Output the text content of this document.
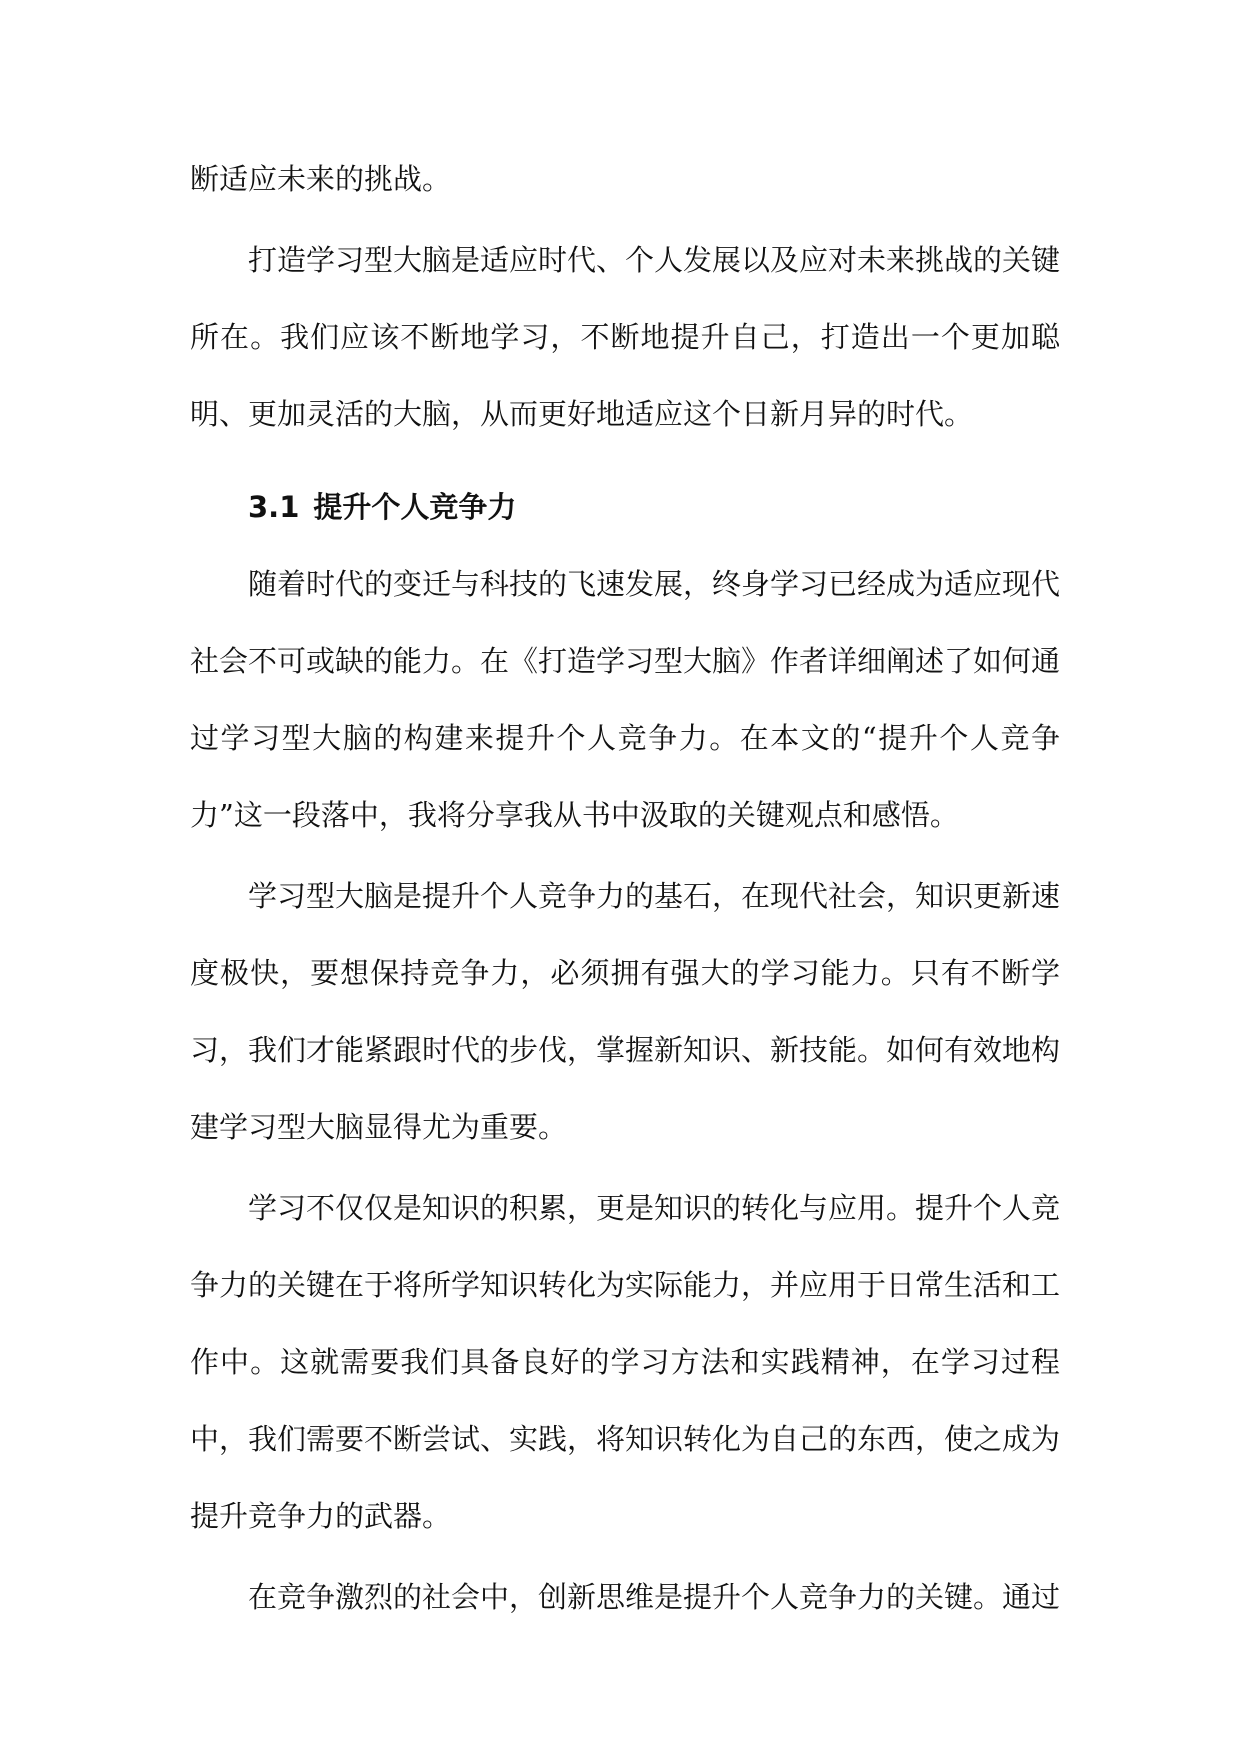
断适应未来的挑战。

打造学习型大脑是适应时代、个人发展以及应对未来挑战的关键所在。我们应该不断地学习，不断地提升自己，打造出一个更加聪明、更加灵活的大脑，从而更好地适应这个日新月异的时代。

3.1 提升个人竞争力

随着时代的变迁与科技的飞速发展，终身学习已经成为适应现代社会不可或缺的能力。在《打造学习型大脑》作者详细阐述了如何通过学习型大脑的构建来提升个人竞争力。在本文的“提升个人竞争力”这一段落中，我将分享我从书中汲取的关键观点和感悟。

学习型大脑是提升个人竞争力的基石，在现代社会，知识更新速度极快，要想保持竞争力，必须拥有强大的学习能力。只有不断学习，我们才能紧跟时代的步伐，掌握新知识、新技能。如何有效地构建学习型大脑显得尤为重要。

学习不仅仅是知识的积累，更是知识的转化与应用。提升个人竞争力的关键在于将所学知识转化为实际能力，并应用于日常生活和工作中。这就需要我们具备良好的学习方法和实践精神，在学习过程中，我们需要不断尝试、实践，将知识转化为自己的东西，使之成为提升竞争力的武器。

在竞争激烈的社会中，创新思维是提升个人竞争力的关键。通过
